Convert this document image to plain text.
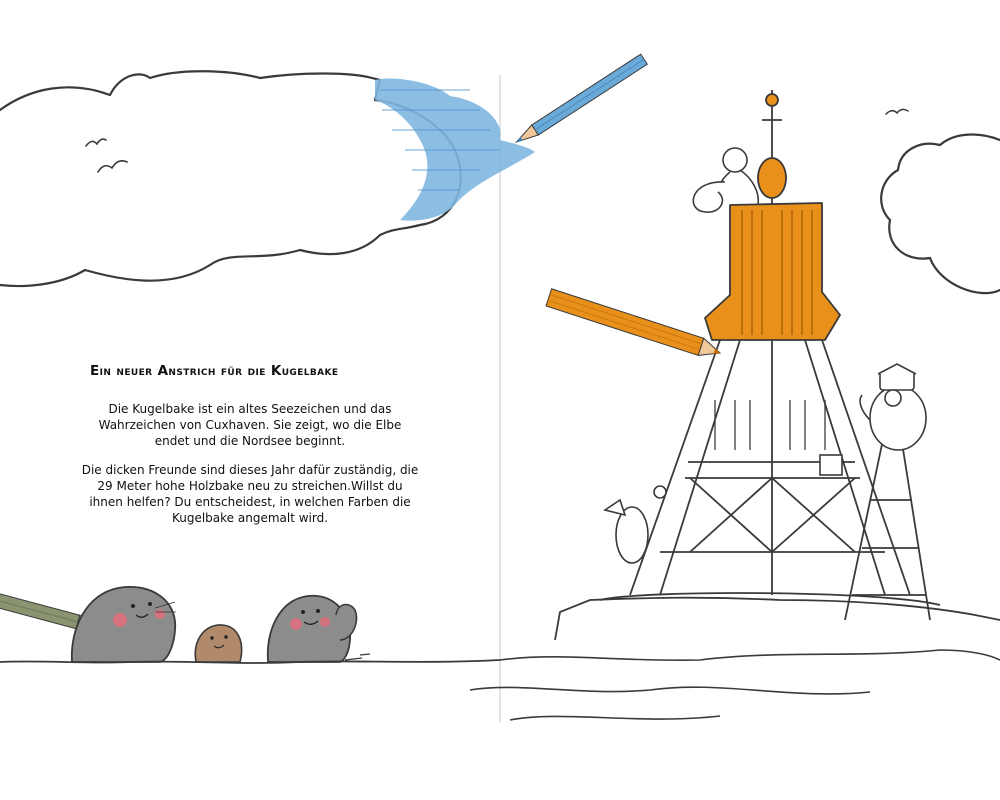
Ein neuer Anstrich für die Kugelbake

Die Kugelbake ist ein altes Seezeichen und das Wahrzeichen von Cuxhaven. Sie zeigt, wo die Elbe endet und die Nordsee beginnt.

Die dicken Freunde sind dieses Jahr dafür zuständig, die 29 Meter hohe Holzbake neu zu streichen.Willst du ihnen helfen? Du entscheidest, in welchen Farben die Kugelbake angemalt wird.
